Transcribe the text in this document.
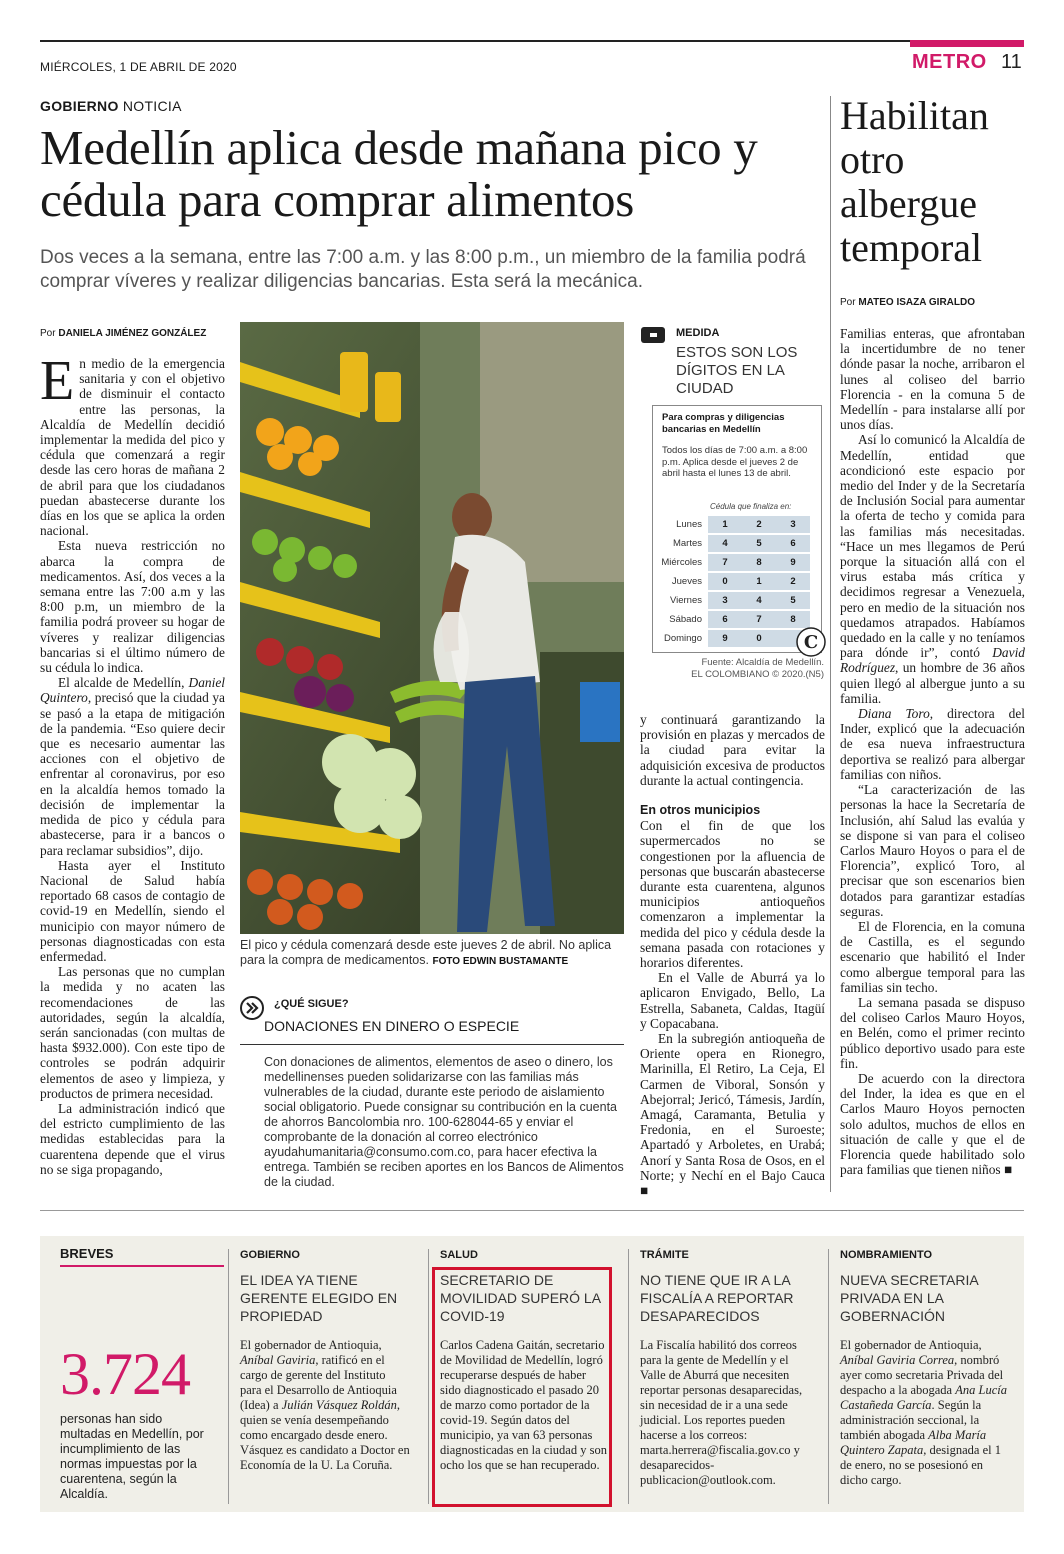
MIÉRCOLES, 1 DE ABRIL DE 2020	METRO 11
GOBIERNO NOTICIA
Medellín aplica desde mañana pico y cédula para comprar alimentos
Dos veces a la semana, entre las 7:00 a.m. y las 8:00 p.m., un miembro de la familia podrá comprar víveres y realizar diligencias bancarias. Esta será la mecánica.
Habilitan otro albergue temporal
Por MATEO ISAZA GIRALDO
Por DANIELA JIMÉNEZ GONZÁLEZ

En medio de la emergencia sanitaria y con el objetivo de disminuir el contacto entre las personas, la Alcaldía de Medellín decidió implementar la medida del pico y cédula que comenzará a regir desde las cero horas de mañana 2 de abril para que los ciudadanos puedan abastecerse durante los días en los que se aplica la orden nacional.

Esta nueva restricción no abarca la compra de medicamentos. Así, dos veces a la semana entre las 7:00 a.m y las 8:00 p.m, un miembro de la familia podrá proveer su hogar de víveres y realizar diligencias bancarias si el último número de su cédula lo indica.

El alcalde de Medellín, Daniel Quintero, precisó que la ciudad ya se pasó a la etapa de mitigación de la pandemia. “Eso quiere decir que es necesario aumentar las acciones con el objetivo de enfrentar al coronavirus, por eso en la alcaldía hemos tomado la decisión de implementar la medida de pico y cédula para abastecerse, para ir a bancos o para reclamar subsidios”, dijo.

Hasta ayer el Instituto Nacional de Salud había reportado 68 casos de contagio de covid-19 en Medellín, siendo el municipio con mayor número de personas diagnosticadas con esta enfermedad.

Las personas que no cumplan la medida y no acaten las recomendaciones de las autoridades, según la alcaldía, serán sancionadas (con multas de hasta $932.000). Con este tipo de controles se podrán adquirir elementos de aseo y limpieza, y productos de primera necesidad.

La administración indicó que del estricto cumplimiento de las medidas establecidas para la cuarentena depende que el virus no se siga propagando,

El pico y cédula comenzará desde este jueves 2 de abril. No aplica para la compra de medicamentos. FOTO EDWIN BUSTAMANTE
¿QUÉ SIGUE?
DONACIONES EN DINERO O ESPECIE
Con donaciones de alimentos, elementos de aseo o dinero, los medellinenses pueden solidarizarse con las familias más vulnerables de la ciudad, durante este periodo de aislamiento social obligatorio. Puede consignar su contribución en la cuenta de ahorros Bancolombia nro. 100-628044-65 y enviar el comprobante de la donación al correo electrónico ayudahumanitaria@consumo.com.co, para hacer efectiva la entrega. También se reciben aportes en los Bancos de Alimentos de la ciudad.
MEDIDA
ESTOS SON LOS DÍGITOS EN LA CIUDAD
Para compras y diligencias bancarias en Medellín
Todos los días de 7:00 a.m. a 8:00 p.m. Aplica desde el jueves 2 de abril hasta el lunes 13 de abril.
Cédula que finaliza en:
Lunes	1	2	3
Martes	4	5	6
Miércoles	7	8	9
Jueves	0	1	2
Viernes	3	4	5
Sábado	6	7	8
Domingo	9	0	C
Fuente: Alcaldía de Medellín.
EL COLOMBIANO © 2020.(N5)

y continuará garantizando la provisión en plazas y mercados de la ciudad para evitar la adquisición excesiva de productos durante la actual contingencia.

En otros municipios

Con el fin de que los supermercados no se congestionen por la afluencia de personas que buscarán abastecerse durante esta cuarentena, algunos municipios antioqueños comenzaron a implementar la medida del pico y cédula desde la semana pasada con rotaciones y horarios diferentes.

En el Valle de Aburrá ya lo aplicaron Envigado, Bello, La Estrella, Sabaneta, Caldas, Itagüí y Copacabana.

En la subregión antioqueña de Oriente opera en Rionegro, Marinilla, El Retiro, La Ceja, El Carmen de Viboral, Sonsón y Abejorral; Jericó, Támesis, Jardín, Amagá, Caramanta, Betulia y Fredonia, en el Suroeste; Apartadó y Arboletes, en Urabá; Anorí y Santa Rosa de Osos, en el Norte; y Nechí en el Bajo Cauca ■

Familias enteras, que afrontaban la incertidumbre de no tener dónde pasar la noche, arribaron el lunes al coliseo del barrio Florencia - en la comuna 5 de Medellín - para instalarse allí por unos días.

Así lo comunicó la Alcaldía de Medellín, entidad que acondicionó este espacio por medio del Inder y de la Secretaría de Inclusión Social para aumentar la oferta de techo y comida para las familias más necesitadas. “Hace un mes llegamos de Perú porque la situación allá con el virus estaba más crítica y decidimos regresar a Venezuela, pero en medio de la situación nos quedamos atrapados. Habíamos quedado en la calle y no teníamos para dónde ir”, contó David Rodríguez, un hombre de 36 años quien llegó al albergue junto a su familia.

Diana Toro, directora del Inder, explicó que la adecuación de esa nueva infraestructura deportiva se realizó para albergar familias con niños.

“La caracterización de las personas la hace la Secretaría de Inclusión, ahí Salud las evalúa y se dispone si van para el coliseo Carlos Mauro Hoyos o para el de Florencia”, explicó Toro, al precisar que son escenarios bien dotados para garantizar estadías seguras.

El de Florencia, en la comuna de Castilla, es el segundo escenario que habilitó el Inder como albergue temporal para las familias sin techo.

La semana pasada se dispuso del coliseo Carlos Mauro Hoyos, en Belén, como el primer recinto público deportivo usado para este fin.

De acuerdo con la directora del Inder, la idea es que en el Carlos Mauro Hoyos pernocten solo adultos, muchos de ellos en situación de calle y que el de Florencia quede habilitado solo para familias que tienen niños ■

BREVES
3.724
personas han sido multadas en Medellín, por incumplimiento de las normas impuestas por la cuarentena, según la Alcaldía.
GOBIERNO
EL IDEA YA TIENE GERENTE ELEGIDO EN PROPIEDAD
El gobernador de Antioquia, Aníbal Gaviria, ratificó en el cargo de gerente del Instituto para el Desarrollo de Antioquia (Idea) a Julián Vásquez Roldán, quien se venía desempeñando como encargado desde enero. Vásquez es candidato a Doctor en Economía de la U. La Coruña.
SALUD
SECRETARIO DE MOVILIDAD SUPERÓ LA COVID-19
Carlos Cadena Gaitán, secretario de Movilidad de Medellín, logró recuperarse después de haber sido diagnosticado el pasado 20 de marzo como portador de la covid-19. Según datos del municipio, ya van 63 personas diagnosticadas en la ciudad y son ocho los que se han recuperado.
TRÁMITE
NO TIENE QUE IR A LA FISCALÍA A REPORTAR DESAPARECIDOS
La Fiscalía habilitó dos correos para la gente de Medellín y el Valle de Aburrá que necesiten reportar personas desaparecidas, sin necesidad de ir a una sede judicial. Los reportes pueden hacerse a los correos: marta.herrera@fiscalia.gov.co y desaparecidos-publicacion@outlook.com.
NOMBRAMIENTO
NUEVA SECRETARIA PRIVADA EN LA GOBERNACIÓN
El gobernador de Antioquia, Aníbal Gaviria Correa, nombró ayer como secretaria Privada del despacho a la abogada Ana Lucía Castañeda García. Según la administración seccional, la también abogada Alba María Quintero Zapata, designada el 1 de enero, no se posesionó en dicho cargo.
